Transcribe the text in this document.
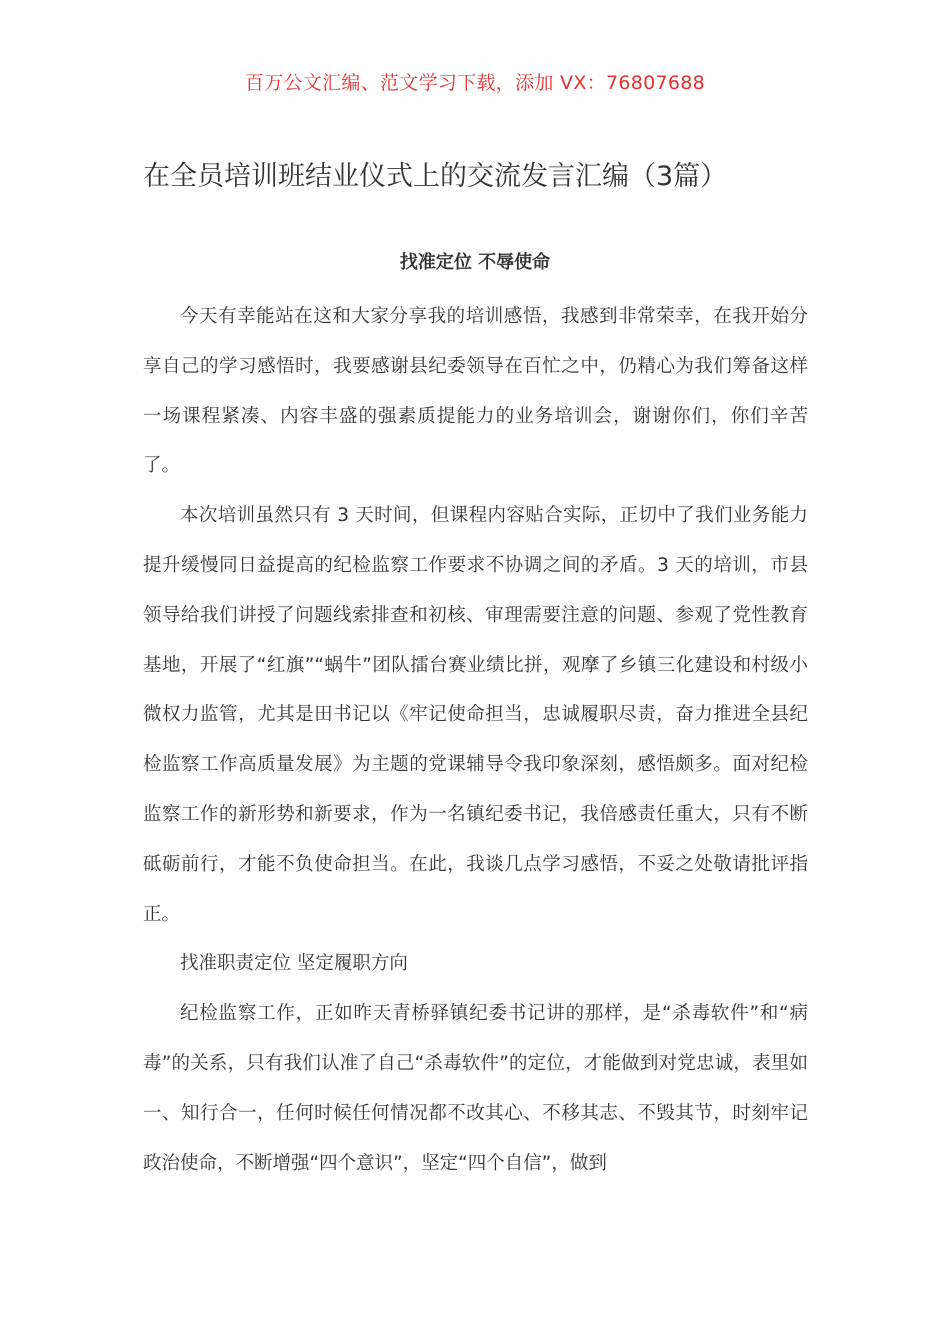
百万公文汇编、范文学习下载，添加 VX：76807688
在全员培训班结业仪式上的交流发言汇编（3篇）
找准定位 不辱使命

今天有幸能站在这和大家分享我的培训感悟，我感到非常荣幸，在我开始分享自己的学习感悟时，我要感谢县纪委领导在百忙之中，仍精心为我们筹备这样一场课程紧凑、内容丰盛的强素质提能力的业务培训会，谢谢你们，你们辛苦了。

本次培训虽然只有 3 天时间，但课程内容贴合实际，正切中了我们业务能力提升缓慢同日益提高的纪检监察工作要求不协调之间的矛盾。3 天的培训，市县领导给我们讲授了问题线索排查和初核、审理需要注意的问题、参观了党性教育基地，开展了“红旗”“蜗牛”团队擂台赛业绩比拼，观摩了乡镇三化建设和村级小微权力监管，尤其是田书记以《牢记使命担当，忠诚履职尽责，奋力推进全县纪检监察工作高质量发展》为主题的党课辅导令我印象深刻，感悟颇多。面对纪检监察工作的新形势和新要求，作为一名镇纪委书记，我倍感责任重大，只有不断砥砺前行，才能不负使命担当。在此，我谈几点学习感悟，不妥之处敬请批评指正。

找准职责定位 坚定履职方向

纪检监察工作，正如昨天青桥驿镇纪委书记讲的那样，是“杀毒软件”和“病毒”的关系，只有我们认准了自己“杀毒软件”的定位，才能做到对党忠诚，表里如一、知行合一，任何时候任何情况都不改其心、不移其志、不毁其节，时刻牢记政治使命，不断增强“四个意识”，坚定“四个自信”，做到
